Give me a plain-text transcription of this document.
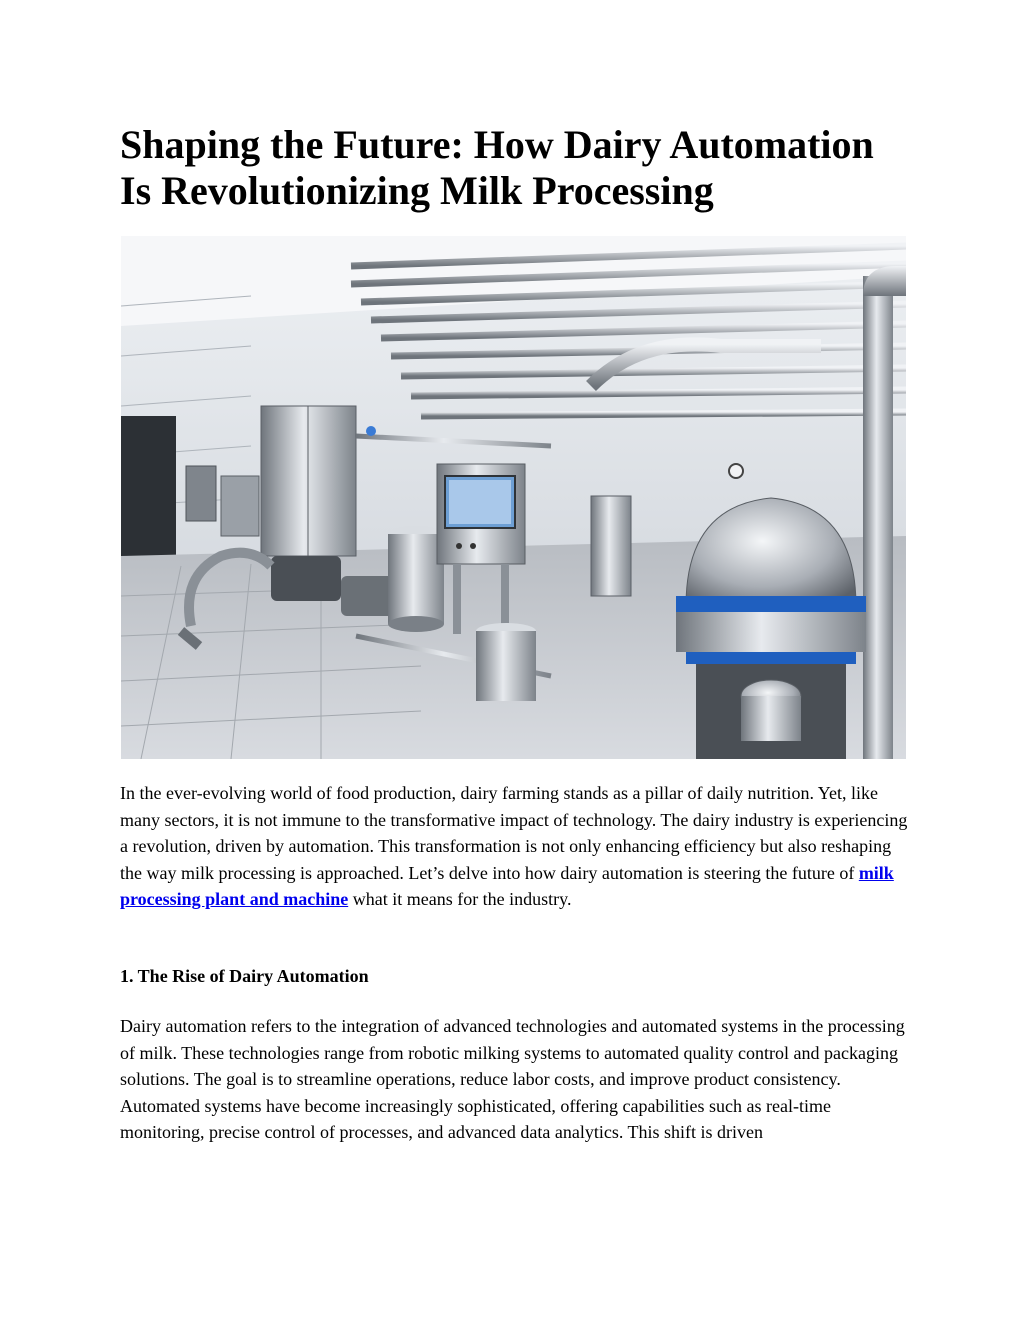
Shaping the Future: How Dairy Automation
Is Revolutionizing Milk Processing

In the ever-evolving world of food production, dairy farming stands as a pillar of daily nutrition. Yet, like many sectors, it is not immune to the transformative impact of technology. The dairy industry is experiencing a revolution, driven by automation. This transformation is not only enhancing efficiency but also reshaping the way milk processing is approached. Let’s delve into how dairy automation is steering the future of milk processing plant and machine what it means for the industry.

1. The Rise of Dairy Automation
Dairy automation refers to the integration of advanced technologies and automated systems in the processing of milk. These technologies range from robotic milking systems to automated quality control and packaging solutions. The goal is to streamline operations, reduce labor costs, and improve product consistency.
Automated systems have become increasingly sophisticated, offering capabilities such as real-time monitoring, precise control of processes, and advanced data analytics. This shift is driven
